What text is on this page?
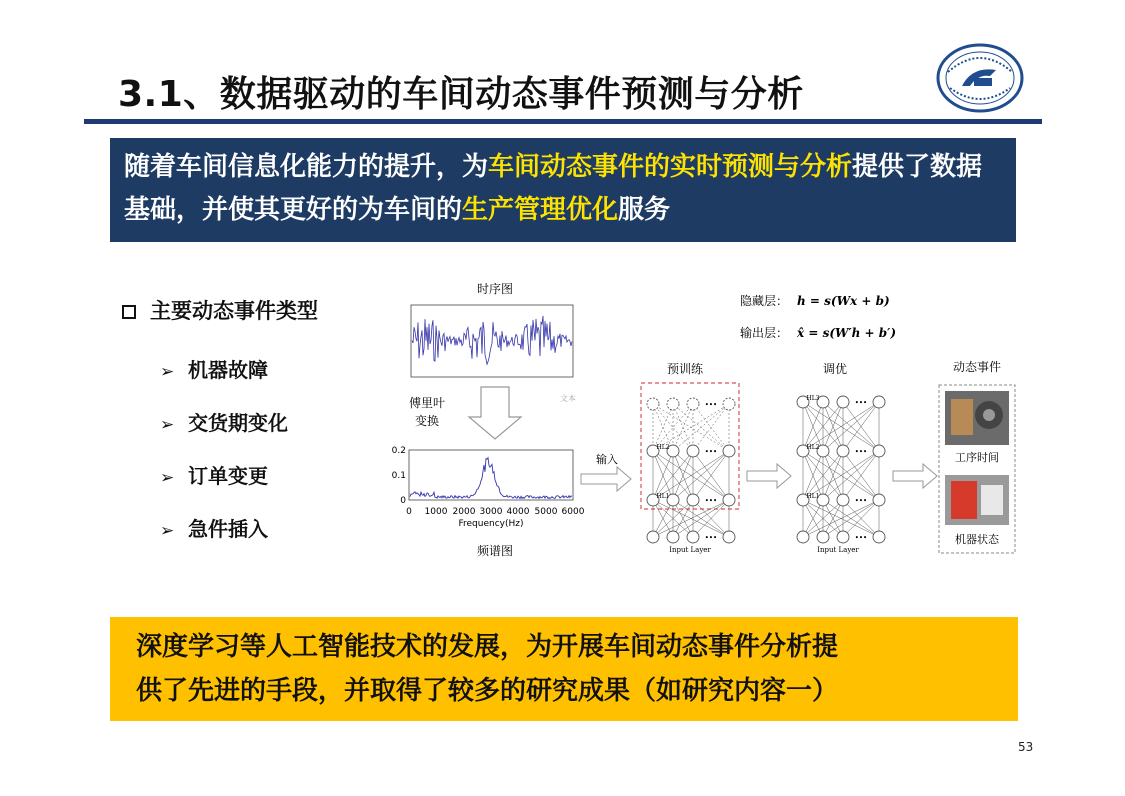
3.1、数据驱动的车间动态事件预测与分析
随着车间信息化能力的提升，为车间动态事件的实时预测与分析提供了数据基础，并使其更好的为车间的生产管理优化服务
主要动态事件类型
➢ 机器故障
➢ 交货期变化
➢ 订单变更
➢ 急件插入
时序图
傅里叶
变换
文本
0.2
0.1
0
0 1000 2000 3000 4000 5000 6000
Frequency(Hz)
频谱图
输入
隐藏层： h = s(Wx + b)
输出层： x̂ = s(W′h + b′)
预训练
•••
•••
HL1
•••
HL2
•••
Input Layer
调优
•••
•••
HL1
•••
HL2
•••
HL3
Input Layer
动态事件
工序时间
机器状态
深度学习等人工智能技术的发展，为开展车间动态事件分析提
供了先进的手段，并取得了较多的研究成果（如研究内容一）
53
